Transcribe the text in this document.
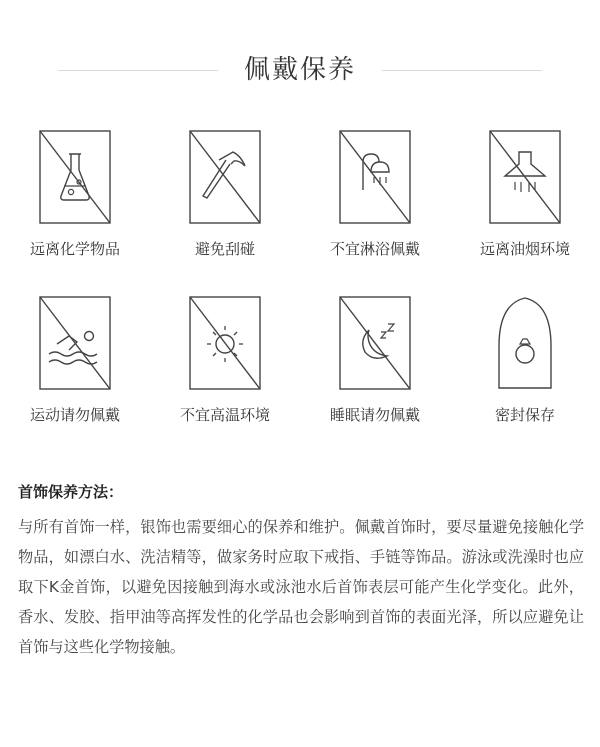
佩戴保养
远离化学物品	避免刮碰	不宜淋浴佩戴	远离油烟环境
运动请勿佩戴	不宜高温环境	睡眠请勿佩戴	密封保存
首饰保养方法：

与所有首饰一样，银饰也需要细心的保养和维护。佩戴首饰时，要尽量避免接触化学物品，如漂白水、洗洁精等，做家务时应取下戒指、手链等饰品。游泳或洗澡时也应取下K金首饰，以避免因接触到海水或泳池水后首饰表层可能产生化学变化。此外，香水、发胶、指甲油等高挥发性的化学品也会影响到首饰的表面光泽，所以应避免让首饰与这些化学物接触。
